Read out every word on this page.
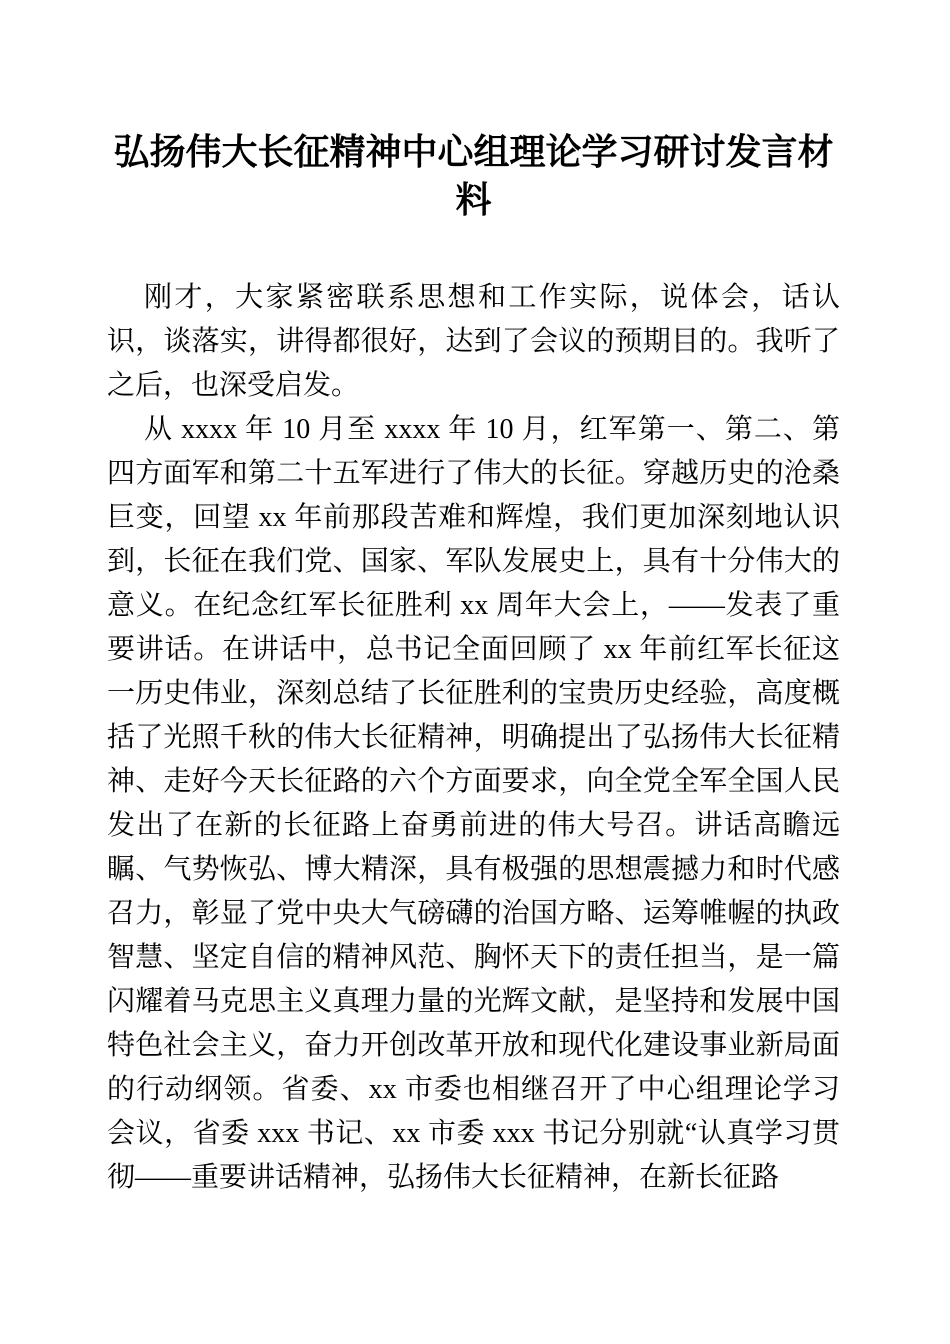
弘扬伟大长征精神中心组理论学习研讨发言材料

刚才，大家紧密联系思想和工作实际，说体会，话认识，谈落实，讲得都很好，达到了会议的预期目的。我听了之后，也深受启发。

从 xxxx 年 10 月至 xxxx 年 10 月，红军第一、第二、第四方面军和第二十五军进行了伟大的长征。穿越历史的沧桑巨变，回望 xx 年前那段苦难和辉煌，我们更加深刻地认识到，长征在我们党、国家、军队发展史上，具有十分伟大的意义。在纪念红军长征胜利 xx 周年大会上，——发表了重要讲话。在讲话中，总书记全面回顾了 xx 年前红军长征这一历史伟业，深刻总结了长征胜利的宝贵历史经验，高度概括了光照千秋的伟大长征精神，明确提出了弘扬伟大长征精神、走好今天长征路的六个方面要求，向全党全军全国人民发出了在新的长征路上奋勇前进的伟大号召。讲话高瞻远瞩、气势恢弘、博大精深，具有极强的思想震撼力和时代感召力，彰显了党中央大气磅礴的治国方略、运筹帷幄的执政智慧、坚定自信的精神风范、胸怀天下的责任担当，是一篇闪耀着马克思主义真理力量的光辉文献，是坚持和发展中国特色社会主义，奋力开创改革开放和现代化建设事业新局面的行动纲领。省委、xx 市委也相继召开了中心组理论学习会议，省委 xxx 书记、xx 市委 xxx 书记分别就“认真学习贯彻——重要讲话精神，弘扬伟大长征精神，在新长征路
